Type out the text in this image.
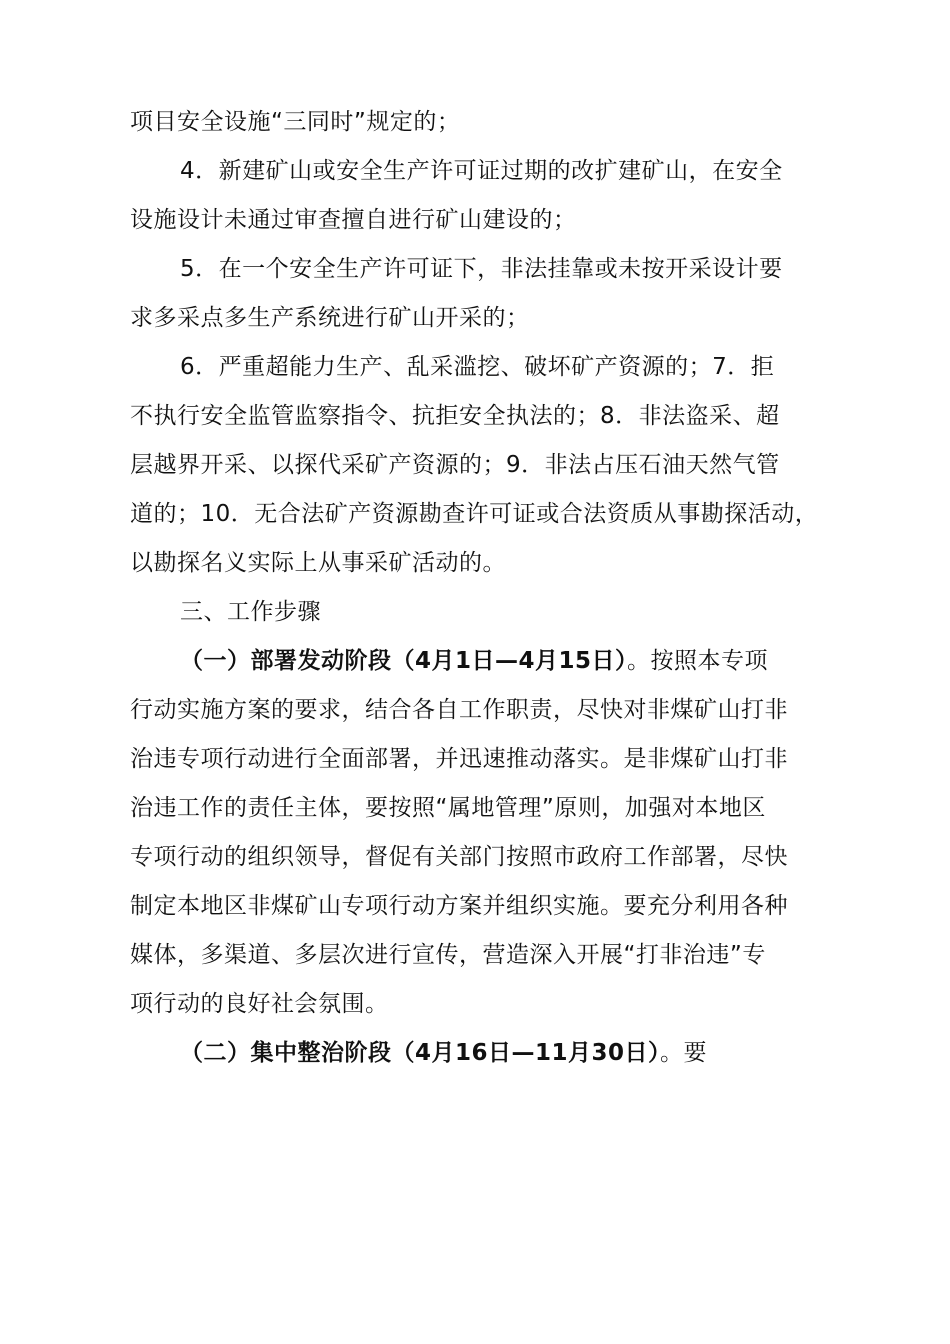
项目安全设施“三同时”规定的；
4．新建矿山或安全生产许可证过期的改扩建矿山，在安全
设施设计未通过审查擅自进行矿山建设的；
5．在一个安全生产许可证下，非法挂靠或未按开采设计要
求多采点多生产系统进行矿山开采的；
6．严重超能力生产、乱采滥挖、破坏矿产资源的；7．拒
不执行安全监管监察指令、抗拒安全执法的；8．非法盗采、超
层越界开采、以探代采矿产资源的；9．非法占压石油天然气管
道的；10．无合法矿产资源勘查许可证或合法资质从事勘探活动，
以勘探名义实际上从事采矿活动的。
三、工作步骤
（一）部署发动阶段（4月1日—4月15日）。按照本专项
行动实施方案的要求，结合各自工作职责，尽快对非煤矿山打非
治违专项行动进行全面部署，并迅速推动落实。是非煤矿山打非
治违工作的责任主体，要按照“属地管理”原则，加强对本地区
专项行动的组织领导，督促有关部门按照市政府工作部署，尽快
制定本地区非煤矿山专项行动方案并组织实施。要充分利用各种
媒体，多渠道、多层次进行宣传，营造深入开展“打非治违”专
项行动的良好社会氛围。
（二）集中整治阶段（4月16日—11月30日）。要
